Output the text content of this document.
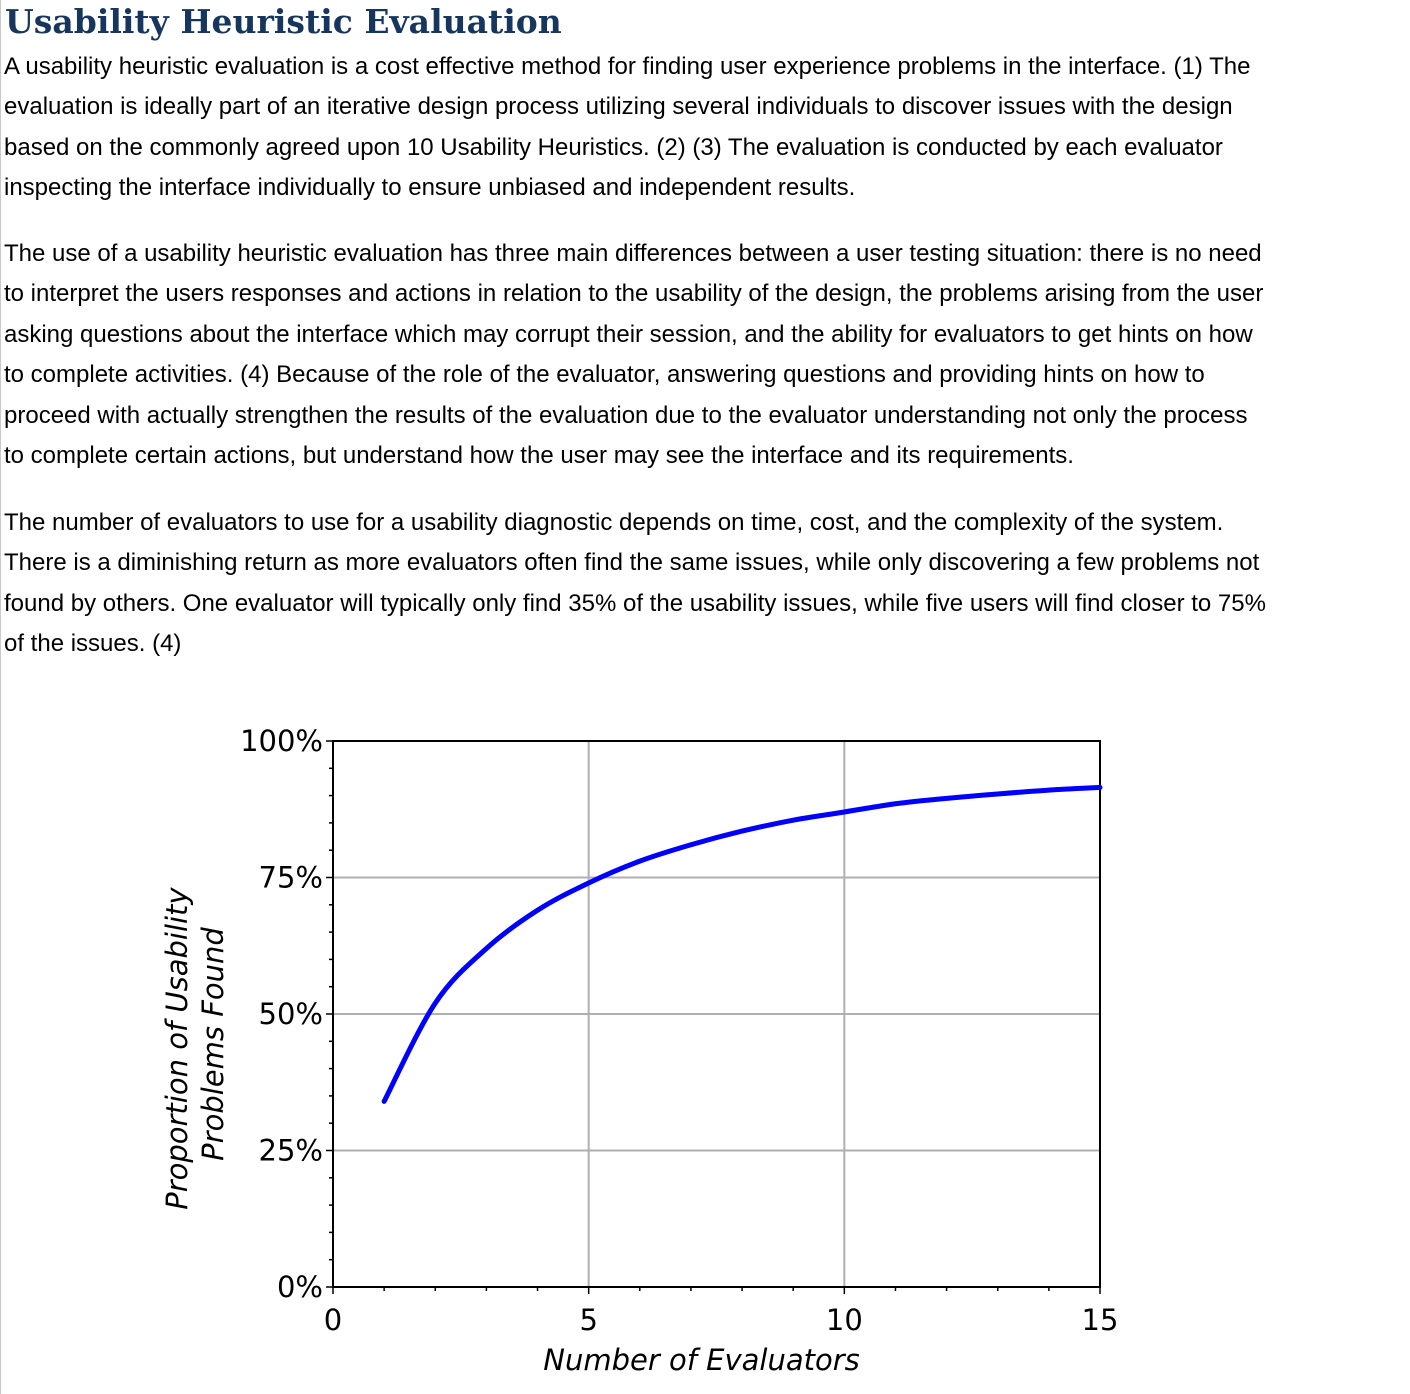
Usability Heuristic Evaluation

A usability heuristic evaluation is a cost effective method for finding user experience problems in the interface. (1) The
evaluation is ideally part of an iterative design process utilizing several individuals to discover issues with the design
based on the commonly agreed upon 10 Usability Heuristics. (2) (3) The evaluation is conducted by each evaluator
inspecting the interface individually to ensure unbiased and independent results.

The use of a usability heuristic evaluation has three main differences between a user testing situation: there is no need
to interpret the users responses and actions in relation to the usability of the design, the problems arising from the user
asking questions about the interface which may corrupt their session, and the ability for evaluators to get hints on how
to complete activities. (4) Because of the role of the evaluator, answering questions and providing hints on how to
proceed with actually strengthen the results of the evaluation due to the evaluator understanding not only the process
to complete certain actions, but understand how the user may see the interface and its requirements.

The number of evaluators to use for a usability diagnostic depends on time, cost, and the complexity of the system.
There is a diminishing return as more evaluators often find the same issues, while only discovering a few problems not
found by others. One evaluator will typically only find 35% of the usability issues, while five users will find closer to 75%
of the issues. (4)

0%
25%
50%
75%
100%
0	5	10	15
Number of Evaluators
Proportion of Usability Problems Found
